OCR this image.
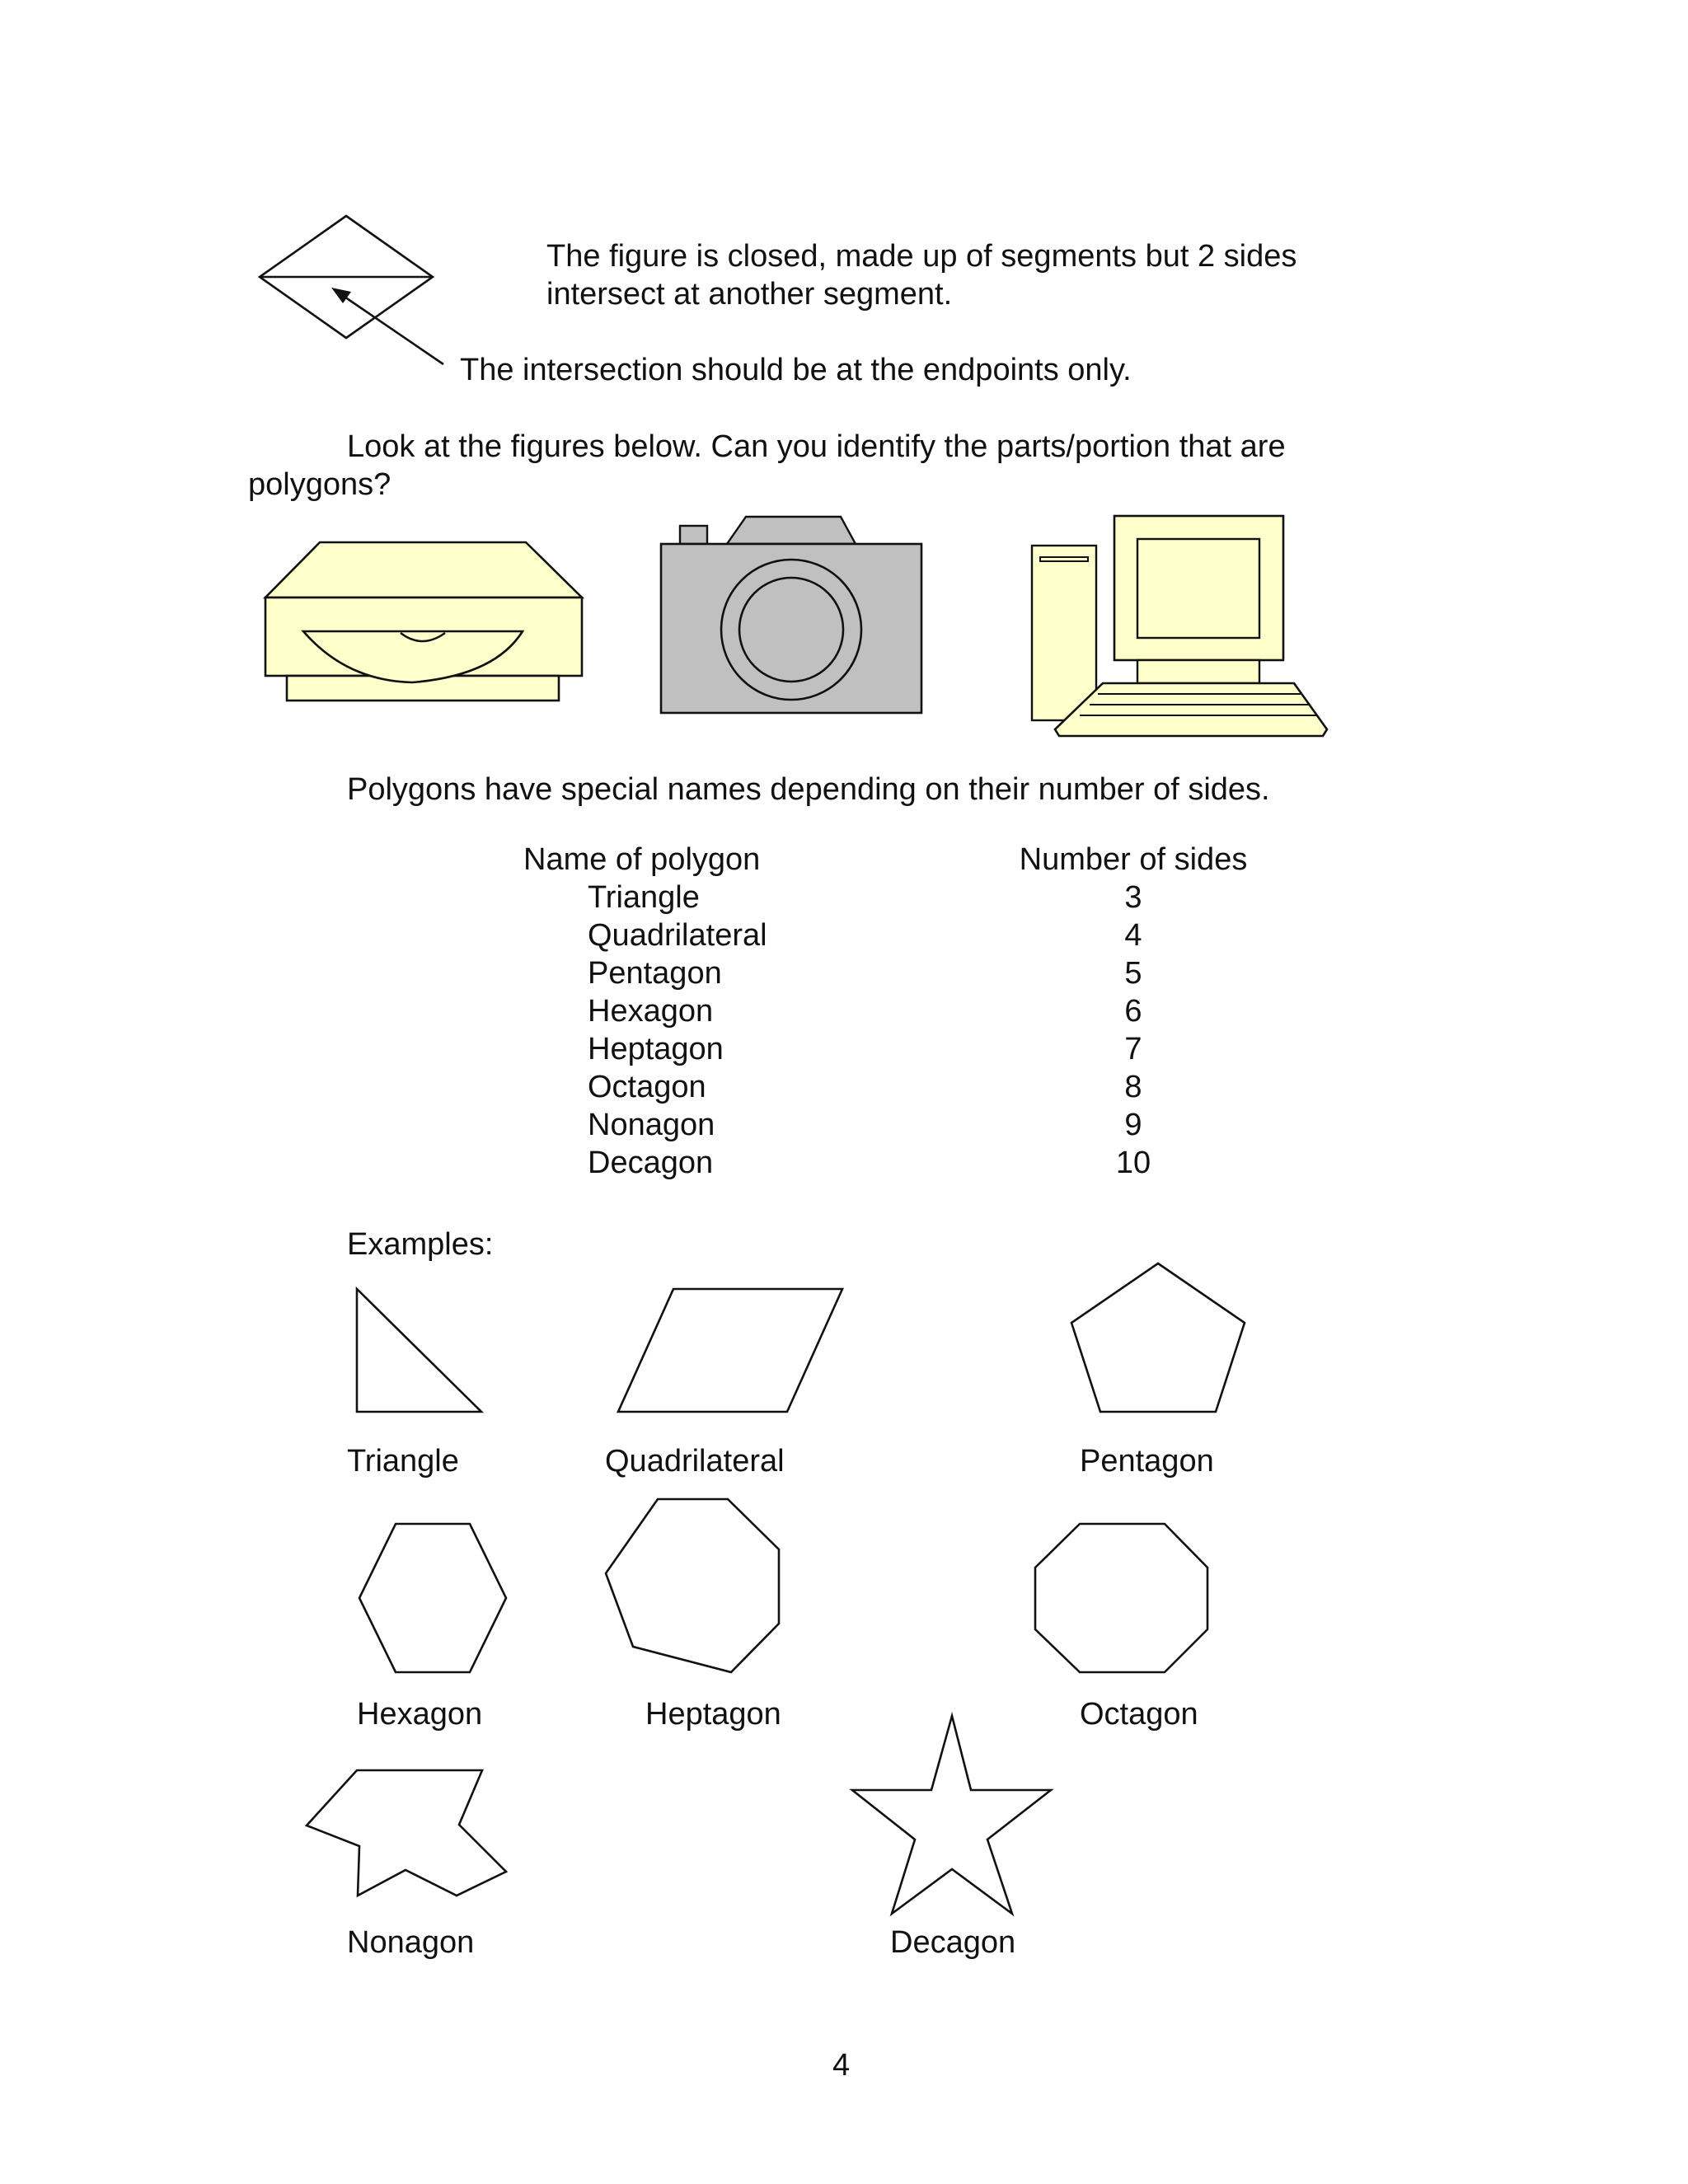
The figure is closed, made up of segments but 2 sides
intersect at another segment.
The intersection should be at the endpoints only.
Look at the figures below. Can you identify the parts/portion that are
polygons?
Polygons have special names depending on their number of sides.
Name of polygon	Number of sides
Triangle	3
Quadrilateral	4
Pentagon	5
Hexagon	6
Heptagon	7
Octagon	8
Nonagon	9
Decagon	10
Examples:
Triangle	Quadrilateral	Pentagon
Hexagon	Heptagon	Octagon
Nonagon	Decagon
4
